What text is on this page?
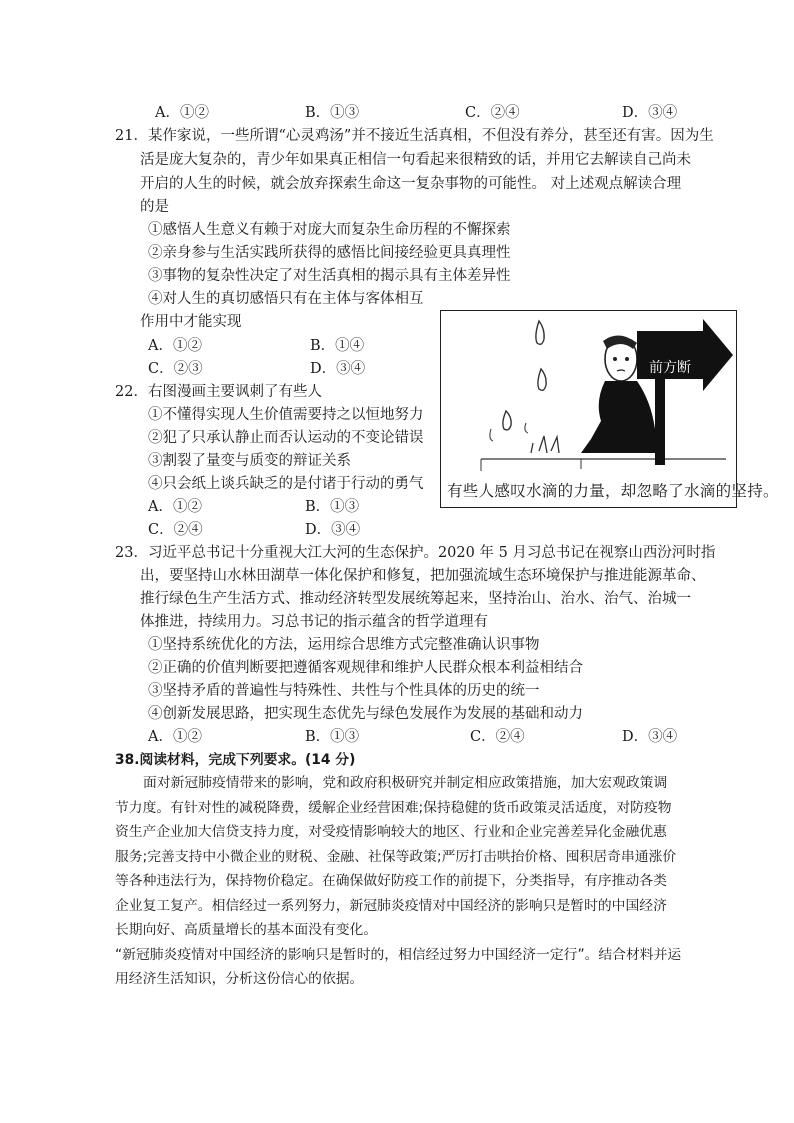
A．①②	B．①③	C．②④	D．③④
21．某作家说，一些所谓“心灵鸡汤”并不接近生活真相，不但没有养分，甚至还有害。因为生
活是庞大复杂的，青少年如果真正相信一句看起来很精致的话，并用它去解读自己尚未
开启的人生的时候，就会放弃探索生命这一复杂事物的可能性。 对上述观点解读合理
的是
①感悟人生意义有赖于对庞大而复杂生命历程的不懈探索
②亲身参与生活实践所获得的感悟比间接经验更具真理性
③事物的复杂性决定了对生活真相的揭示具有主体差异性
④对人生的真切感悟只有在主体与客体相互
作用中才能实现
A．①②	B．①④
C．②③	D．③④
22．右图漫画主要讽刺了有些人
①不懂得实现人生价值需要持之以恒地努力
②犯了只承认静止而否认运动的不变论错误
③割裂了量变与质变的辩证关系
④只会纸上谈兵缺乏的是付诸于行动的勇气
A．①②	B．①③
C．②④	D．③④
前方断
有些人感叹水滴的力量，却忽略了水滴的坚持。
23．习近平总书记十分重视大江大河的生态保护。2020 年 5 月习总书记在视察山西汾河时指
出，要坚持山水林田湖草一体化保护和修复，把加强流域生态环境保护与推进能源革命、
推行绿色生产生活方式、推动经济转型发展统筹起来，坚持治山、治水、治气、治城一
体推进，持续用力。习总书记的指示蕴含的哲学道理有
①坚持系统优化的方法，运用综合思维方式完整准确认识事物
②正确的价值判断要把遵循客观规律和维护人民群众根本利益相结合
③坚持矛盾的普遍性与特殊性、共性与个性具体的历史的统一
④创新发展思路，把实现生态优先与绿色发展作为发展的基础和动力
A．①②	B．①③	C．②④	D．③④
38.阅读材料，完成下列要求。(14 分)
面对新冠肺疫情带来的影响，党和政府积极研究并制定相应政策措施，加大宏观政策调
节力度。有针对性的减税降费，缓解企业经营困难;保持稳健的货币政策灵活适度，对防疫物
资生产企业加大信贷支持力度，对受疫情影响较大的地区、行业和企业完善差异化金融优惠
服务;完善支持中小微企业的财税、金融、社保等政策;严厉打击哄抬价格、囤积居奇串通涨价
等各种违法行为，保持物价稳定。在确保做好防疫工作的前提下，分类指导，有序推动各类
企业复工复产。相信经过一系列努力，新冠肺炎疫情对中国经济的影响只是暂时的中国经济
长期向好、高质量增长的基本面没有变化。
“新冠肺炎疫情对中国经济的影响只是暂时的，相信经过努力中国经济一定行”。结合材料并运
用经济生活知识，分析这份信心的依据。
